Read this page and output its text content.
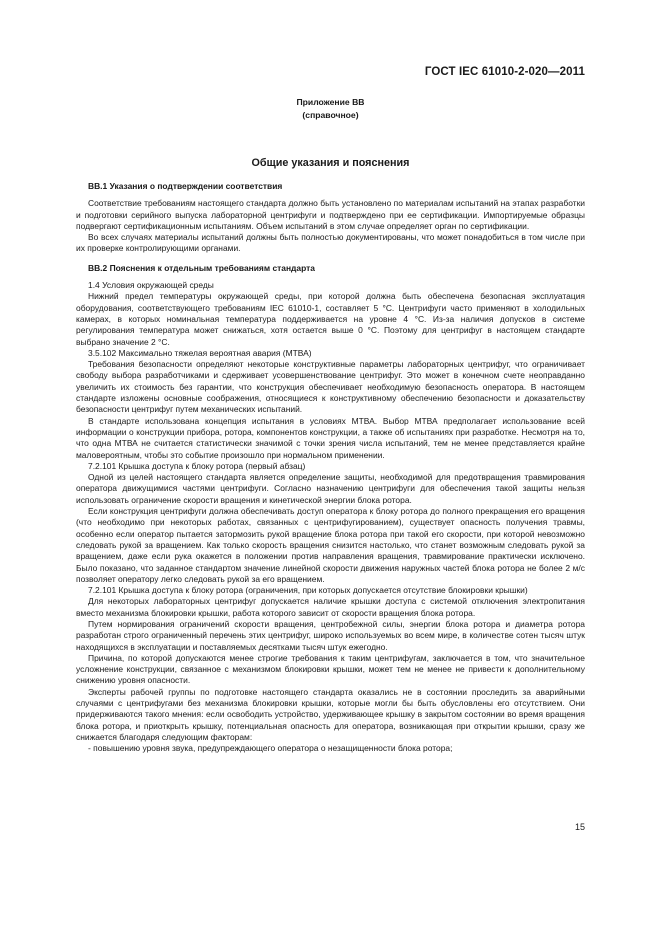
ГОСТ IEC 61010-2-020—2011
Приложение ВВ
(справочное)
Общие указания и пояснения
ВВ.1 Указания о подтверждении соответствия

Соответствие требованиям настоящего стандарта должно быть установлено по материалам испытаний на этапах разработки и подготовки серийного выпуска лабораторной центрифуги и подтверждено при ее сертификации. Импортируемые образцы подвергают сертификационным испытаниям. Объем испытаний в этом случае определяет орган по сертификации.

Во всех случаях материалы испытаний должны быть полностью документированы, что может понадобиться в том числе при их проверке контролирующими органами.

ВВ.2 Пояснения к отдельным требованиям стандарта

1.4 Условия окружающей среды

Нижний предел температуры окружающей среды, при которой должна быть обеспечена безопасная эксплуатация оборудования, соответствующего требованиям IEC 61010-1, составляет 5 °С. Центрифуги часто применяют в холодильных камерах, в которых номинальная температура поддерживается на уровне 4 °С. Из-за наличия допусков в системе регулирования температура может снижаться, хотя остается выше 0 °С. Поэтому для центрифуг в настоящем стандарте выбрано значение 2 °С.

3.5.102 Максимально тяжелая вероятная авария (МТВА)

Требования безопасности определяют некоторые конструктивные параметры лабораторных центрифуг, что ограничивает свободу выбора разработчиками и сдерживает усовершенствование центрифуг. Это может в конечном счете неоправданно увеличить их стоимость без гарантии, что конструкция обеспечивает необходимую безопасность оператора. В настоящем стандарте изложены основные соображения, относящиеся к конструктивному обеспечению безопасности и доказательству безопасности центрифуг путем механических испытаний.

В стандарте использована концепция испытания в условиях МТВА. Выбор МТВА предполагает использование всей информации о конструкции прибора, ротора, компонентов конструкции, а также об испытаниях при разработке. Несмотря на то, что одна МТВА не считается статистически значимой с точки зрения числа испытаний, тем не менее представляется крайне маловероятным, чтобы это событие произошло при нормальном применении.

7.2.101 Крышка доступа к блоку ротора (первый абзац)

Одной из целей настоящего стандарта является определение защиты, необходимой для предотвращения травмирования оператора движущимися частями центрифуги. Согласно назначению центрифуги для обеспечения такой защиты нельзя использовать ограничение скорости вращения и кинетической энергии блока ротора.

Если конструкция центрифуги должна обеспечивать доступ оператора к блоку ротора до полного прекращения его вращения (что необходимо при некоторых работах, связанных с центрифугированием), существует опасность получения травмы, особенно если оператор пытается затормозить рукой вращение блока ротора при такой его скорости, при которой невозможно следовать рукой за вращением. Как только скорость вращения снизится настолько, что станет возможным следовать рукой за вращением, даже если рука окажется в положении против направления вращения, травмирование практически исключено. Было показано, что заданное стандартом значение линейной скорости движения наружных частей блока ротора не более 2 м/с позволяет оператору легко следовать рукой за его вращением.

7.2.101 Крышка доступа к блоку ротора (ограничения, при которых допускается отсутствие блокировки крышки)

Для некоторых лабораторных центрифуг допускается наличие крышки доступа с системой отключения электропитания вместо механизма блокировки крышки, работа которого зависит от скорости вращения блока ротора.

Путем нормирования ограничений скорости вращения, центробежной силы, энергии блока ротора и диаметра ротора разработан строго ограниченный перечень этих центрифуг, широко используемых во всем мире, в количестве сотен тысяч штук находящихся в эксплуатации и поставляемых десятками тысяч штук ежегодно.

Причина, по которой допускаются менее строгие требования к таким центрифугам, заключается в том, что значительное усложнение конструкции, связанное с механизмом блокировки крышки, может тем не менее не привести к дополнительному снижению уровня опасности.

Эксперты рабочей группы по подготовке настоящего стандарта оказались не в состоянии проследить за аварийными случаями с центрифугами без механизма блокировки крышки, которые могли бы быть обусловлены его отсутствием. Они придерживаются такого мнения: если освободить устройство, удерживающее крышку в закрытом состоянии во время вращения блока ротора, и приоткрыть крышку, потенциальная опасность для оператора, возникающая при открытии крышки, сразу же снижается благодаря следующим факторам:

- повышению уровня звука, предупреждающего оператора о незащищенности блока ротора;

15
